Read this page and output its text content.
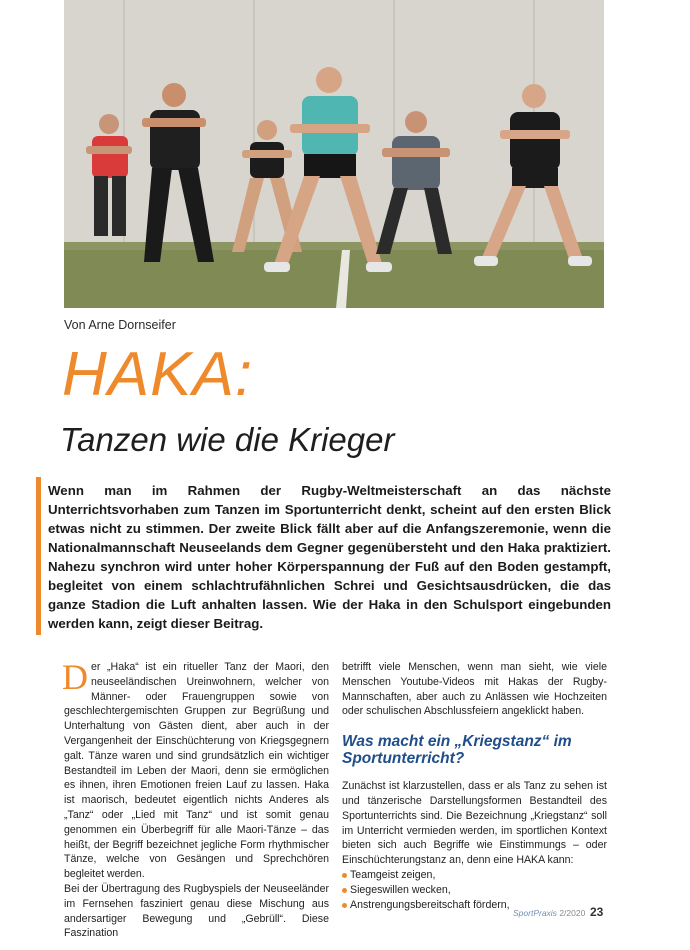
Von Arne Dornseifer
HAKA:
Tanzen wie die Krieger

Wenn man im Rahmen der Rugby-Weltmeisterschaft an das nächste Unterrichtsvorhaben zum Tanzen im Sportunterricht denkt, scheint auf den ersten Blick etwas nicht zu stimmen. Der zweite Blick fällt aber auf die Anfangszeremonie, wenn die Nationalmannschaft Neuseelands dem Gegner gegenübersteht und den Haka praktiziert. Nahezu synchron wird unter hoher Körperspannung der Fuß auf den Boden gestampft, begleitet von einem schlachtrufähnlichen Schrei und Gesichtsausdrücken, die das ganze Stadion die Luft anhalten lassen. Wie der Haka in den Schulsport eingebunden werden kann, zeigt dieser Beitrag.

Der „Haka“ ist ein ritueller Tanz der Maori, den neuseeländischen Ureinwohnern, welcher von Männer- oder Frauengruppen sowie von geschlechtergemischten Gruppen zur Begrüßung und Unterhaltung von Gästen dient, aber auch in der Vergangenheit der Einschüchterung von Kriegsgegnern galt. Tänze waren und sind grundsätzlich ein wichtiger Bestandteil im Leben der Maori, denn sie ermöglichen es ihnen, ihren Emotionen freien Lauf zu lassen. Haka ist maorisch, bedeutet eigentlich nichts Anderes als „Tanz“ oder „Lied mit Tanz“ und ist somit genau genommen ein Überbegriff für alle Maori-Tänze – das heißt, der Begriff bezeichnet jegliche Form rhythmischer Tänze, welche von Gesängen und Sprechchören begleitet werden.

Bei der Übertragung des Rugbyspiels der Neuseeländer im Fernsehen fasziniert genau diese Mischung aus andersartiger Bewegung und „Gebrüll“. Diese Faszination

betrifft viele Menschen, wenn man sieht, wie viele Menschen Youtube-Videos mit Hakas der Rugby-Mannschaften, aber auch zu Anlässen wie Hochzeiten oder schulischen Abschlussfeiern angeklickt haben.

Was macht ein „Kriegstanz“ im Sportunterricht?

Zunächst ist klarzustellen, dass er als Tanz zu sehen ist und tänzerische Darstellungsformen Bestandteil des Sportunterrichts sind. Die Bezeichnung „Kriegstanz“ soll im Unterricht vermieden werden, im sportlichen Kontext bieten sich auch Begriffe wie Einstimmungs – oder Einschüchterungstanz an, denn eine HAKA kann:

Teamgeist zeigen,
Siegeswillen wecken,
Anstrengungsbereitschaft fördern,
SportPraxis 2/2020 23
